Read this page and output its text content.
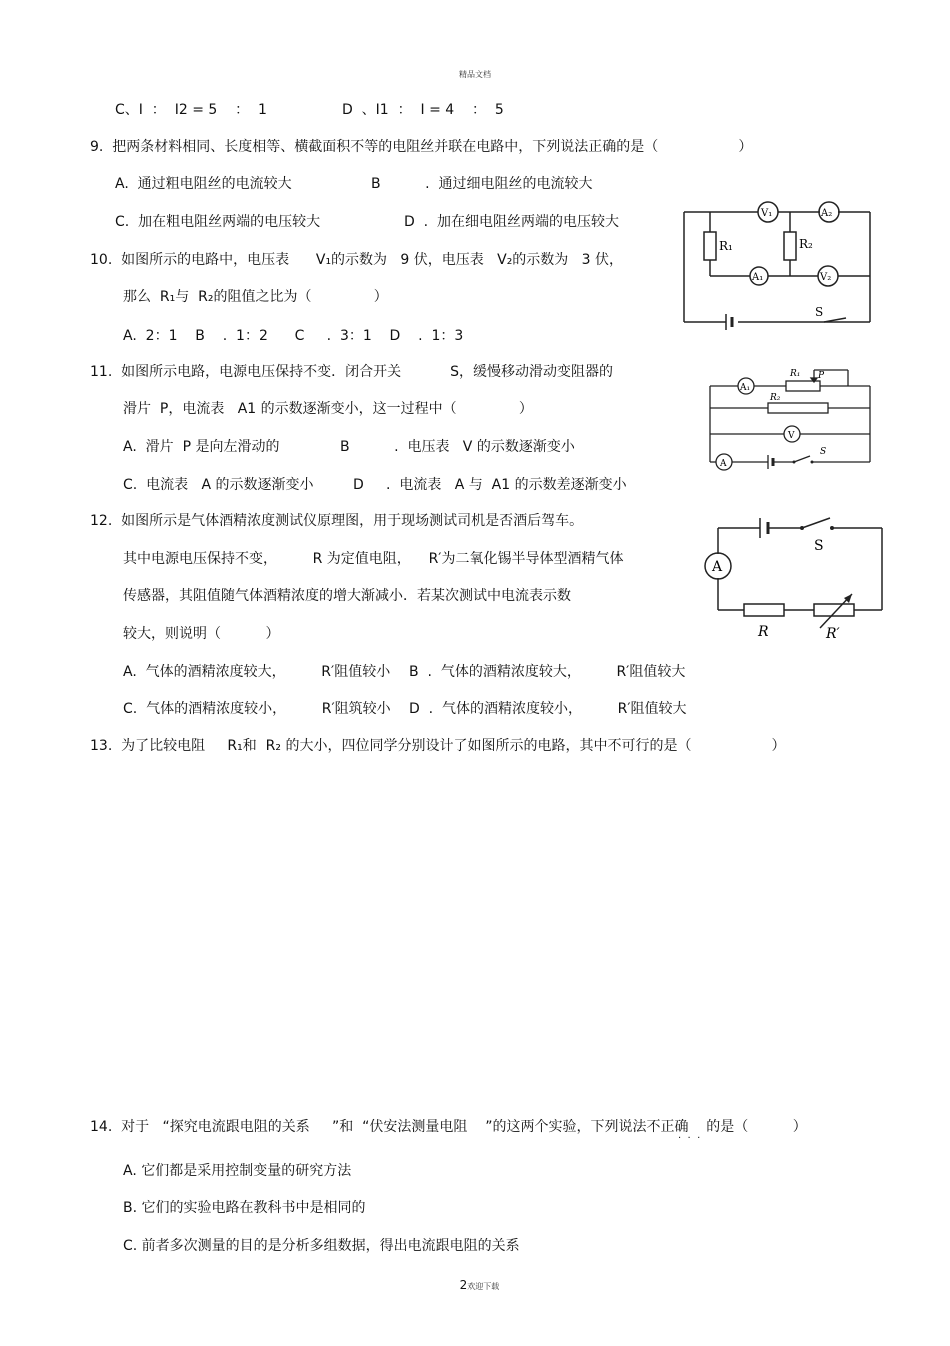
精品文档

2欢迎下载

C、I  ：  I2 = 5    ：  1	D  、I1  ：  I = 4    ：  5
9.  把两条材料相同、长度相等、横截面积不等的电阻丝并联在电路中，下列说法正确的是（                  ）
A.  通过粗电阻丝的电流较大	B          .  通过细电阻丝的电流较大
C.  加在粗电阻丝两端的电压较大	D  .  加在细电阻丝两端的电压较大
10.  如图所示的电路中，电压表      V₁的示数为   9 伏，电压表   V₂的示数为   3 伏，
那么  R₁与  R₂的阻值之比为（              ）
A.  2：1    B    .  1：2      C     .  3：1    D    .  1：3
11.  如图所示电路，电源电压保持不变．闭合开关           S，缓慢移动滑动变阻器的
滑片  P，电流表   A1 的示数逐渐变小，这一过程中（              ）
A.  滑片  P 是向左滑动的	B          .  电压表   V 的示数逐渐变小
C.  电流表   A 的示数逐渐变小	D     .  电流表   A 与  A1 的示数差逐渐变小
12.  如图所示是气体酒精浓度测试仪原理图，用于现场测试司机是否酒后驾车。
其中电源电压保持不变，        R 为定值电阻，    R′为二氧化锡半导体型酒精气体
传感器，其阻值随气体酒精浓度的增大渐减小．若某次测试中电流表示数
较大，则说明（          ）
A.  气体的酒精浓度较大，        R′阻值较小 B  .  气体的酒精浓度较大，        R′阻值较大
C.  气体的酒精浓度较小，        R′阻筑较小 D  .  气体的酒精浓度较小，        R′阻值较大
13.  为了比较电阻     R₁和  R₂ 的大小，四位同学分别设计了如图所示的电路，其中不可行的是（                  ）
14.  对于   “探究电流跟电阻的关系     ”和  “伏安法测量电阻    ”的这两个实验，下列说法不正确    的是（          ）
·  ·  ·
A. 它们都是采用控制变量的研究方法
B. 它们的实验电路在教科书中是相同的
C. 前者多次测量的目的是分析多组数据，得出电流跟电阻的关系
R₁	R₂
V₁	A₂
A₁	V₂
S
A₁
R₁ P
R₂
V
A
S
A
S
R	R′
